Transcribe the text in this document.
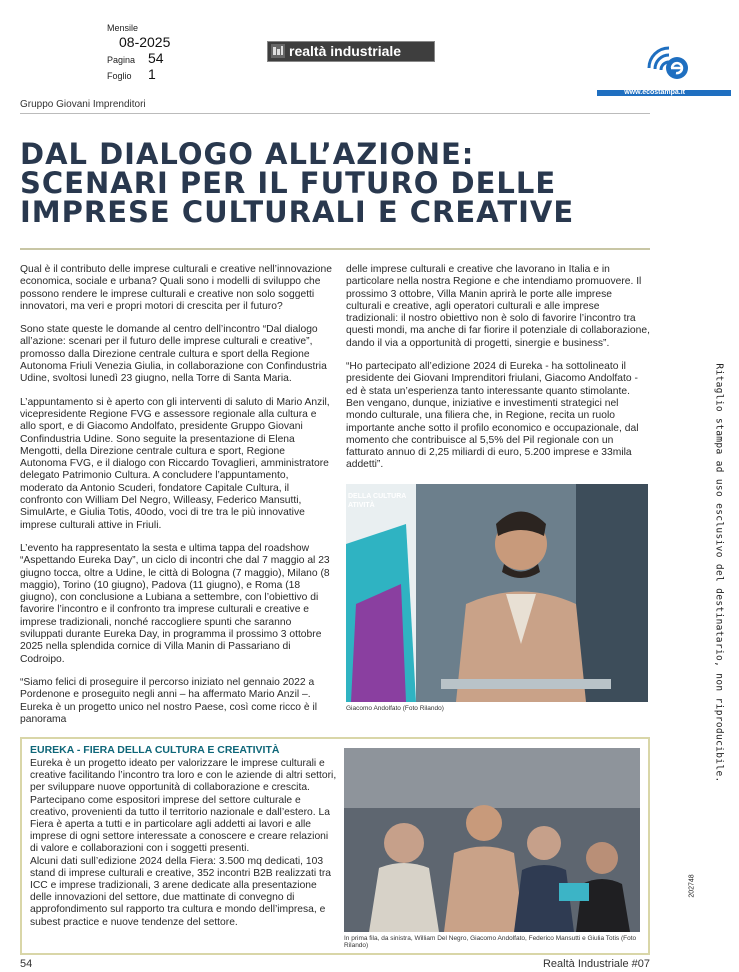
Mensile
08-2025
Pagina 54
Foglio 1
realtà industriale
www.ecostampa.it
Gruppo Giovani Imprenditori
DAL DIALOGO ALL’AZIONE:
SCENARI PER IL FUTURO DELLE
IMPRESE CULTURALI E CREATIVE

Qual è il contributo delle imprese culturali e creative nell’innovazione economica, sociale e urbana? Quali sono i modelli di sviluppo che possono rendere le imprese culturali e creative non solo soggetti innovatori, ma veri e propri motori di crescita per il futuro?

Sono state queste le domande al centro dell’incontro “Dal dialogo all’azione: scenari per il futuro delle imprese culturali e creative”, promosso dalla Direzione centrale cultura e sport della Regione Autonoma Friuli Venezia Giulia, in collaborazione con Confindustria Udine, svoltosi lunedì 23 giugno, nella Torre di Santa Maria.

L’appuntamento si è aperto con gli interventi di saluto di Mario Anzil, vicepresidente Regione FVG e assessore regionale alla cultura e allo sport, e di Giacomo Andolfato, presidente Gruppo Giovani Confindustria Udine. Sono seguite la presentazione di Elena Mengotti, della Direzione centrale cultura e sport, Regione Autonoma FVG, e il dialogo con Riccardo Tovaglieri, amministratore delegato Patrimonio Cultura. A concludere l’appuntamento, moderato da Antonio Scuderi, fondatore Capitale Cultura, il confronto con William Del Negro, Willeasy, Federico Mansutti, SimulArte, e Giulia Totis, 40odo, voci di tre tra le più innovative imprese culturali attive in Friuli.

L’evento ha rappresentato la sesta e ultima tappa del roadshow “Aspettando Eureka Day”, un ciclo di incontri che dal 7 maggio al 23 giugno tocca, oltre a Udine, le città di Bologna (7 maggio), Milano (8 maggio), Torino (10 giugno), Padova (11 giugno), e Roma (18 giugno), con conclusione a Lubiana a settembre, con l’obiettivo di favorire l’incontro e il confronto tra imprese culturali e creative e imprese tradizionali, nonché raccogliere spunti che saranno sviluppati durante Eureka Day, in programma il prossimo 3 ottobre 2025 nella splendida cornice di Villa Manin di Passariano di Codroipo.

“Siamo felici di proseguire il percorso iniziato nel gennaio 2022 a Pordenone e proseguito negli anni – ha affermato Mario Anzil –. Eureka è un progetto unico nel nostro Paese, così come ricco è il panorama

delle imprese culturali e creative che lavorano in Italia e in particolare nella nostra Regione e che intendiamo promuovere. Il prossimo 3 ottobre, Villa Manin aprirà le porte alle imprese culturali e creative, agli operatori culturali e alle imprese tradizionali: il nostro obiettivo non è solo di favorire l’incontro tra questi mondi, ma anche di far fiorire il potenziale di collaborazione, dando il via a opportunità di progetti, sinergie e business”.

“Ho partecipato all’edizione 2024 di Eureka - ha sottolineato il presidente dei Giovani Imprenditori friulani, Giacomo Andolfato - ed è stata un’esperienza tanto interessante quanto stimolante. Ben vengano, dunque, iniziative e investimenti strategici nel mondo culturale, una filiera che, in Regione, recita un ruolo importante anche sotto il profilo economico e occupazionale, dal momento che contribuisce al 5,5% del Pil regionale con un fatturato annuo di 2,25 miliardi di euro, 5.200 imprese e 33mila addetti”.

DELLA CULTURA
ATIVITÀ
Giacomo Andolfato (Foto Rilando)
EUREKA - FIERA DELLA CULTURA E CREATIVITÀ
Eureka è un progetto ideato per valorizzare le imprese culturali e creative facilitando l’incontro tra loro e con le aziende di altri settori, per sviluppare nuove opportunità di collaborazione e crescita. Partecipano come espositori imprese del settore culturale e creativo, provenienti da tutto il territorio nazionale e dall’estero. La Fiera è aperta a tutti e in particolare agli addetti ai lavori e alle imprese di ogni settore interessate a conoscere e creare relazioni di valore e collaborazioni con i soggetti presenti.
Alcuni dati sull’edizione 2024 della Fiera: 3.500 mq dedicati, 103 stand di imprese culturali e creative, 352 incontri B2B realizzati tra ICC e imprese tradizionali, 3 arene dedicate alla presentazione delle innovazioni del settore, due mattinate di convegno di approfondimento sul rapporto tra cultura e mondo dell’impresa, e subest practice e nuove tendenze del settore.
In prima fila, da sinistra, William Del Negro, Giacomo Andolfato, Federico Mansutti e Giulia Totis (Foto Rilando)
Ritaglio stampa ad uso esclusivo del destinatario, non riproducibile.
202748
54	Realtà Industriale #07
